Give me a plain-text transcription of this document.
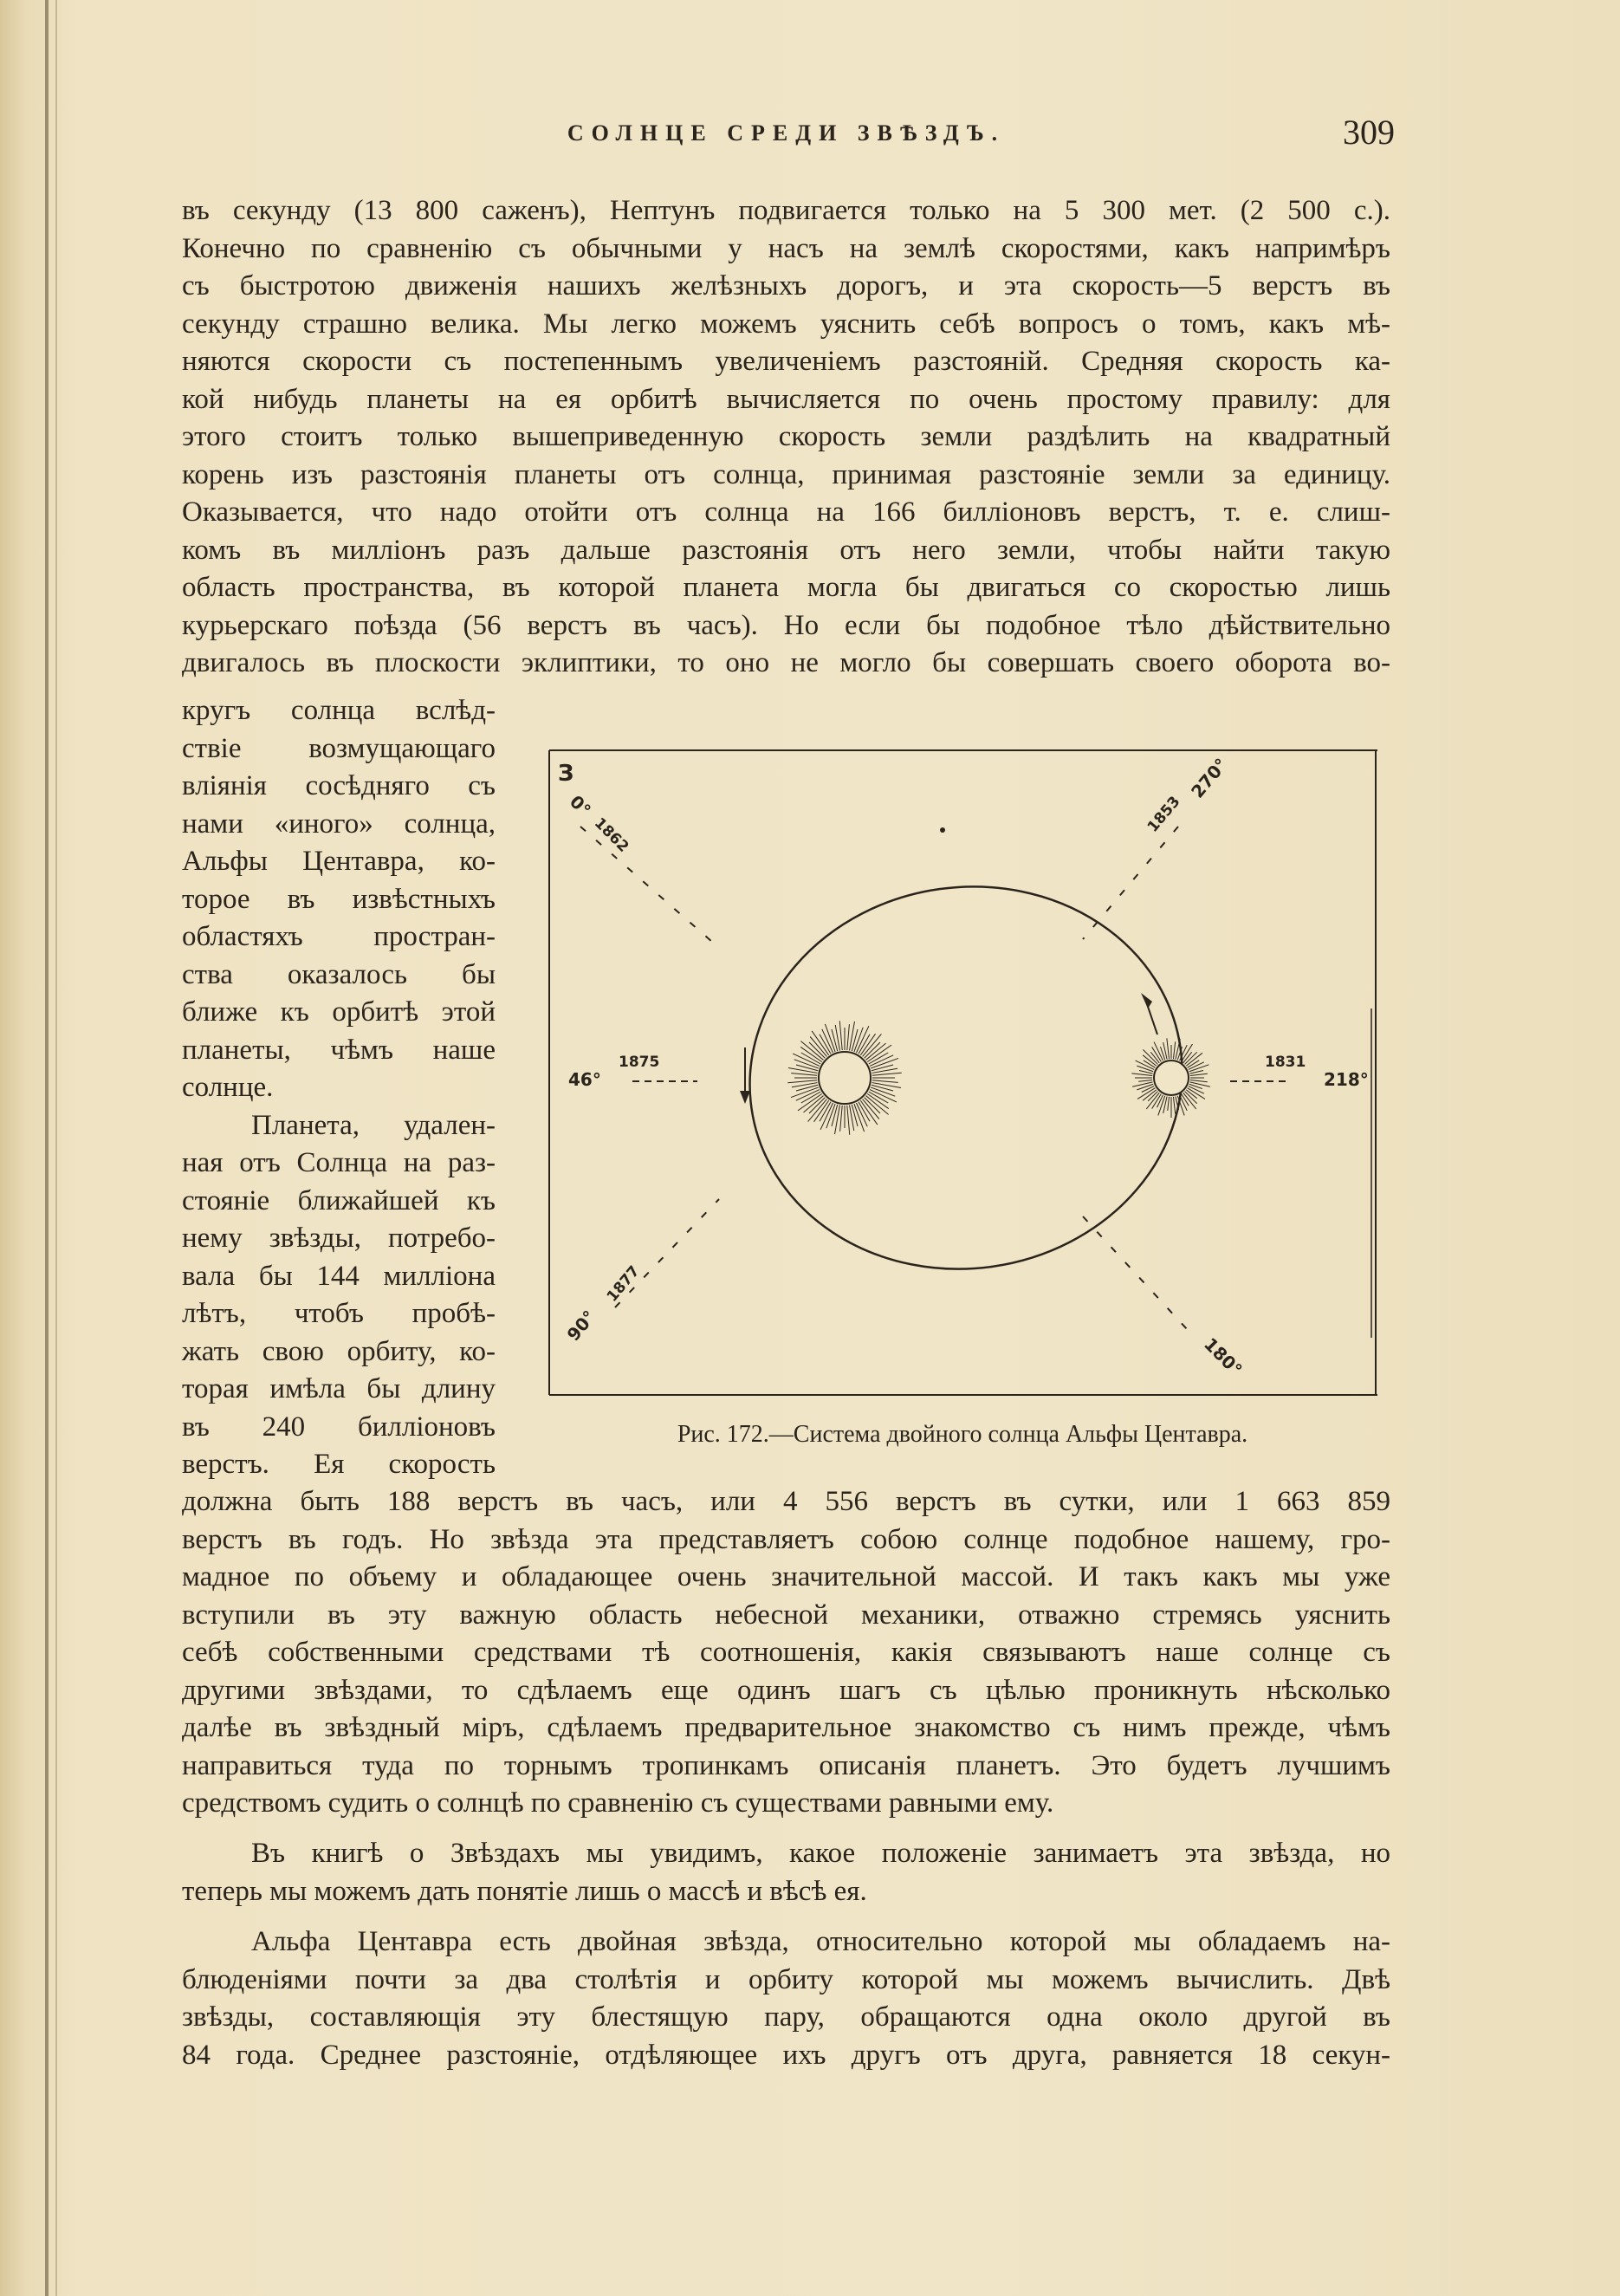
СОЛНЦЕ СРЕДИ ЗВѢЗДЪ.	309
въ секунду (13 800 саженъ), Нептунъ подвигается только на 5 300 мет. (2 500 с.).
Конечно по сравненію съ обычными у насъ на землѣ скоростями, какъ напримѣръ
съ быстротою движенія нашихъ желѣзныхъ дорогъ, и эта скорость—5 верстъ въ
секунду страшно велика. Мы легко можемъ уяснить себѣ вопросъ о томъ, какъ мѣ-
няются скорости съ постепеннымъ увеличеніемъ разстояній. Средняя скорость ка-
кой нибудь планеты на ея орбитѣ вычисляется по очень простому правилу: для
этого стоитъ только вышеприведенную скорость земли раздѣлить на квадратный
корень изъ разстоянія планеты отъ солнца, принимая разстояніе земли за единицу.
Оказывается, что надо отойти отъ солнца на 166 билліоновъ верстъ, т. е. слиш-
комъ въ милліонъ разъ дальше разстоянія отъ него земли, чтобы найти такую
область пространства, въ которой планета могла бы двигаться со скоростью лишь
курьерскаго поѣзда (56 верстъ въ часъ). Но если бы подобное тѣло дѣйствительно
двигалось въ плоскости эклиптики, то оно не могло бы совершать своего оборота во-
кругъ солнца вслѣд-
ствіе возмущающаго
вліянія сосѣдняго съ
нами «иного» солнца,
Альфы Центавра, ко-
торое въ извѣстныхъ
областяхъ простран-
ства оказалось бы
ближе къ орбитѣ этой
планеты, чѣмъ наше
солнце.
Планета, удален-
ная отъ Солнца на раз-
стояніе ближайшей къ
нему звѣзды, потребо-
вала бы 144 милліона
лѣтъ, чтобъ пробѣ-
жать свою орбиту, ко-
торая имѣла бы длину
въ 240 билліоновъ
верстъ. Ея скорость
З
0°
1862	1853
270°
46°
1875	1831
218°
90°
1877
180°
Рис. 172.—Система двойного солнца Альфы Центавра.
должна быть 188 верстъ въ часъ, или 4 556 верстъ въ сутки, или 1 663 859
верстъ въ годъ. Но звѣзда эта представляетъ собою солнце подобное нашему, гро-
мадное по объему и обладающее очень значительной массой. И такъ какъ мы уже
вступили въ эту важную область небесной механики, отважно стремясь уяснить
себѣ собственными средствами тѣ соотношенія, какія связываютъ наше солнце съ
другими звѣздами, то сдѣлаемъ еще одинъ шагъ съ цѣлью проникнуть нѣсколько
далѣе въ звѣздный міръ, сдѣлаемъ предварительное знакомство съ нимъ прежде, чѣмъ
направиться туда по торнымъ тропинкамъ описанія планетъ. Это будетъ лучшимъ
средствомъ судить о солнцѣ по сравненію съ существами равными ему.
Въ книгѣ о Звѣздахъ мы увидимъ, какое положеніе занимаетъ эта звѣзда, но
теперь мы можемъ дать понятіе лишь о массѣ и вѣсѣ ея.
Альфа Центавра есть двойная звѣзда, относительно которой мы обладаемъ на-
блюденіями почти за два столѣтія и орбиту которой мы можемъ вычислить. Двѣ
звѣзды, составляющія эту блестящую пару, обращаются одна около другой въ
84 года. Среднее разстояніе, отдѣляющее ихъ другъ отъ друга, равняется 18 секун-
